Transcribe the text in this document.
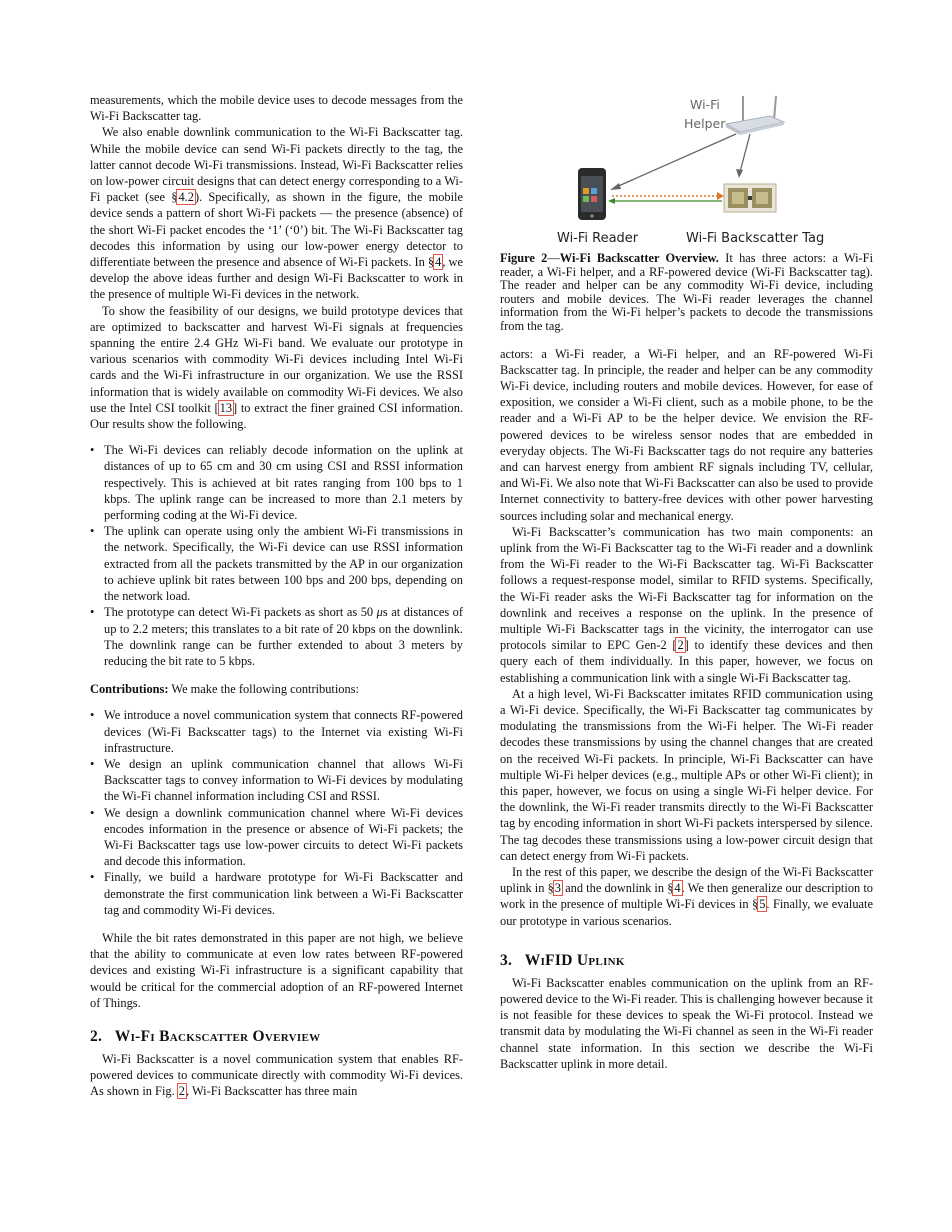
measurements, which the mobile device uses to decode messages from the Wi-Fi Backscatter tag.

We also enable downlink communication to the Wi-Fi Backscatter tag. While the mobile device can send Wi-Fi packets directly to the tag, the latter cannot decode Wi-Fi transmissions. Instead, Wi-Fi Backscatter relies on low-power circuit designs that can detect energy corresponding to a Wi-Fi packet (see §4.2). Specifically, as shown in the figure, the mobile device sends a pattern of short Wi-Fi packets — the presence (absence) of the short Wi-Fi packet encodes the ‘1’ (‘0’) bit. The Wi-Fi Backscatter tag decodes this information by using our low-power energy detector to differentiate between the presence and absence of Wi-Fi packets. In §4, we develop the above ideas further and design Wi-Fi Backscatter to work in the presence of multiple Wi-Fi devices in the network.

To show the feasibility of our designs, we build prototype devices that are optimized to backscatter and harvest Wi-Fi signals at frequencies spanning the entire 2.4 GHz Wi-Fi band. We evaluate our prototype in various scenarios with commodity Wi-Fi devices including Intel Wi-Fi cards and the Wi-Fi infrastructure in our organization. We use the RSSI information that is widely available on commodity Wi-Fi devices. We also use the Intel CSI toolkit [13] to extract the finer grained CSI information. Our results show the following.

• The Wi-Fi devices can reliably decode information on the uplink at distances of up to 65 cm and 30 cm using CSI and RSSI information respectively. This is achieved at bit rates ranging from 100 bps to 1 kbps. The uplink range can be increased to more than 2.1 meters by performing coding at the Wi-Fi device.
• The uplink can operate using only the ambient Wi-Fi transmissions in the network. Specifically, the Wi-Fi device can use RSSI information extracted from all the packets transmitted by the AP in our organization to achieve uplink bit rates between 100 bps and 200 bps, depending on the network load.
• The prototype can detect Wi-Fi packets as short as 50 μs at distances of up to 2.2 meters; this translates to a bit rate of 20 kbps on the downlink. The downlink range can be further extended to about 3 meters by reducing the bit rate to 5 kbps.

Contributions: We make the following contributions:

• We introduce a novel communication system that connects RF-powered devices (Wi-Fi Backscatter tags) to the Internet via existing Wi-Fi infrastructure.
• We design an uplink communication channel that allows Wi-Fi Backscatter tags to convey information to Wi-Fi devices by modulating the Wi-Fi channel information including CSI and RSSI.
• We design a downlink communication channel where Wi-Fi devices encodes information in the presence or absence of Wi-Fi packets; the Wi-Fi Backscatter tags use low-power circuits to detect Wi-Fi packets and decode this information.
• Finally, we build a hardware prototype for Wi-Fi Backscatter and demonstrate the first communication link between a Wi-Fi Backscatter tag and commodity Wi-Fi devices.

While the bit rates demonstrated in this paper are not high, we believe that the ability to communicate at even low rates between RF-powered devices and existing Wi-Fi infrastructure is a significant capability that would be critical for the commercial adoption of an RF-powered Internet of Things.

2. Wi-Fi Backscatter Overview

Wi-Fi Backscatter is a novel communication system that enables RF-powered devices to communicate directly with commodity Wi-Fi devices. As shown in Fig. 2, Wi-Fi Backscatter has three main

Wi-Fi
Helper
Wi-Fi Reader	Wi-Fi Backscatter Tag

Figure 2—Wi-Fi Backscatter Overview. It has three actors: a Wi-Fi reader, a Wi-Fi helper, and a RF-powered device (Wi-Fi Backscatter tag). The reader and helper can be any commodity Wi-Fi device, including routers and mobile devices. The Wi-Fi reader leverages the channel information from the Wi-Fi helper’s packets to decode the transmissions from the tag.

actors: a Wi-Fi reader, a Wi-Fi helper, and an RF-powered Wi-Fi Backscatter tag. In principle, the reader and helper can be any commodity Wi-Fi device, including routers and mobile devices. However, for ease of exposition, we consider a Wi-Fi client, such as a mobile phone, to be the reader and a Wi-Fi AP to be the helper device. We envision the RF-powered devices to be wireless sensor nodes that are embedded in everyday objects. The Wi-Fi Backscatter tags do not require any batteries and can harvest energy from ambient RF signals including TV, cellular, and Wi-Fi. We also note that Wi-Fi Backscatter can also be used to provide Internet connectivity to battery-free devices with other power harvesting sources including solar and mechanical energy.

Wi-Fi Backscatter’s communication has two main components: an uplink from the Wi-Fi Backscatter tag to the Wi-Fi reader and a downlink from the Wi-Fi reader to the Wi-Fi Backscatter tag. Wi-Fi Backscatter follows a request-response model, similar to RFID systems. Specifically, the Wi-Fi reader asks the Wi-Fi Backscatter tag for information on the downlink and receives a response on the uplink. In the presence of multiple Wi-Fi Backscatter tags in the vicinity, the interrogator can use protocols similar to EPC Gen-2 [2] to identify these devices and then query each of them individually. In this paper, however, we focus on establishing a communication link with a single Wi-Fi Backscatter tag.

At a high level, Wi-Fi Backscatter imitates RFID communication using a Wi-Fi device. Specifically, the Wi-Fi Backscatter tag communicates by modulating the transmissions from the Wi-Fi helper. The Wi-Fi reader decodes these transmissions by using the channel changes that are created on the received Wi-Fi packets. In principle, Wi-Fi Backscatter can have multiple Wi-Fi helper devices (e.g., multiple APs or other Wi-Fi client); in this paper, however, we focus on using a single Wi-Fi helper device. For the downlink, the Wi-Fi reader transmits directly to the Wi-Fi Backscatter tag by encoding information in short Wi-Fi packets interspersed by silence. The tag decodes these transmissions using a low-power circuit design that can detect energy from Wi-Fi packets.

In the rest of this paper, we describe the design of the Wi-Fi Backscatter uplink in §3 and the downlink in §4. We then generalize our description to work in the presence of multiple Wi-Fi devices in §5. Finally, we evaluate our prototype in various scenarios.

3. WiFID Uplink

Wi-Fi Backscatter enables communication on the uplink from an RF-powered device to the Wi-Fi reader. This is challenging however because it is not feasible for these devices to speak the Wi-Fi protocol. Instead we transmit data by modulating the Wi-Fi channel as seen in the Wi-Fi reader channel state information. In this section we describe the Wi-Fi Backscatter uplink in more detail.
